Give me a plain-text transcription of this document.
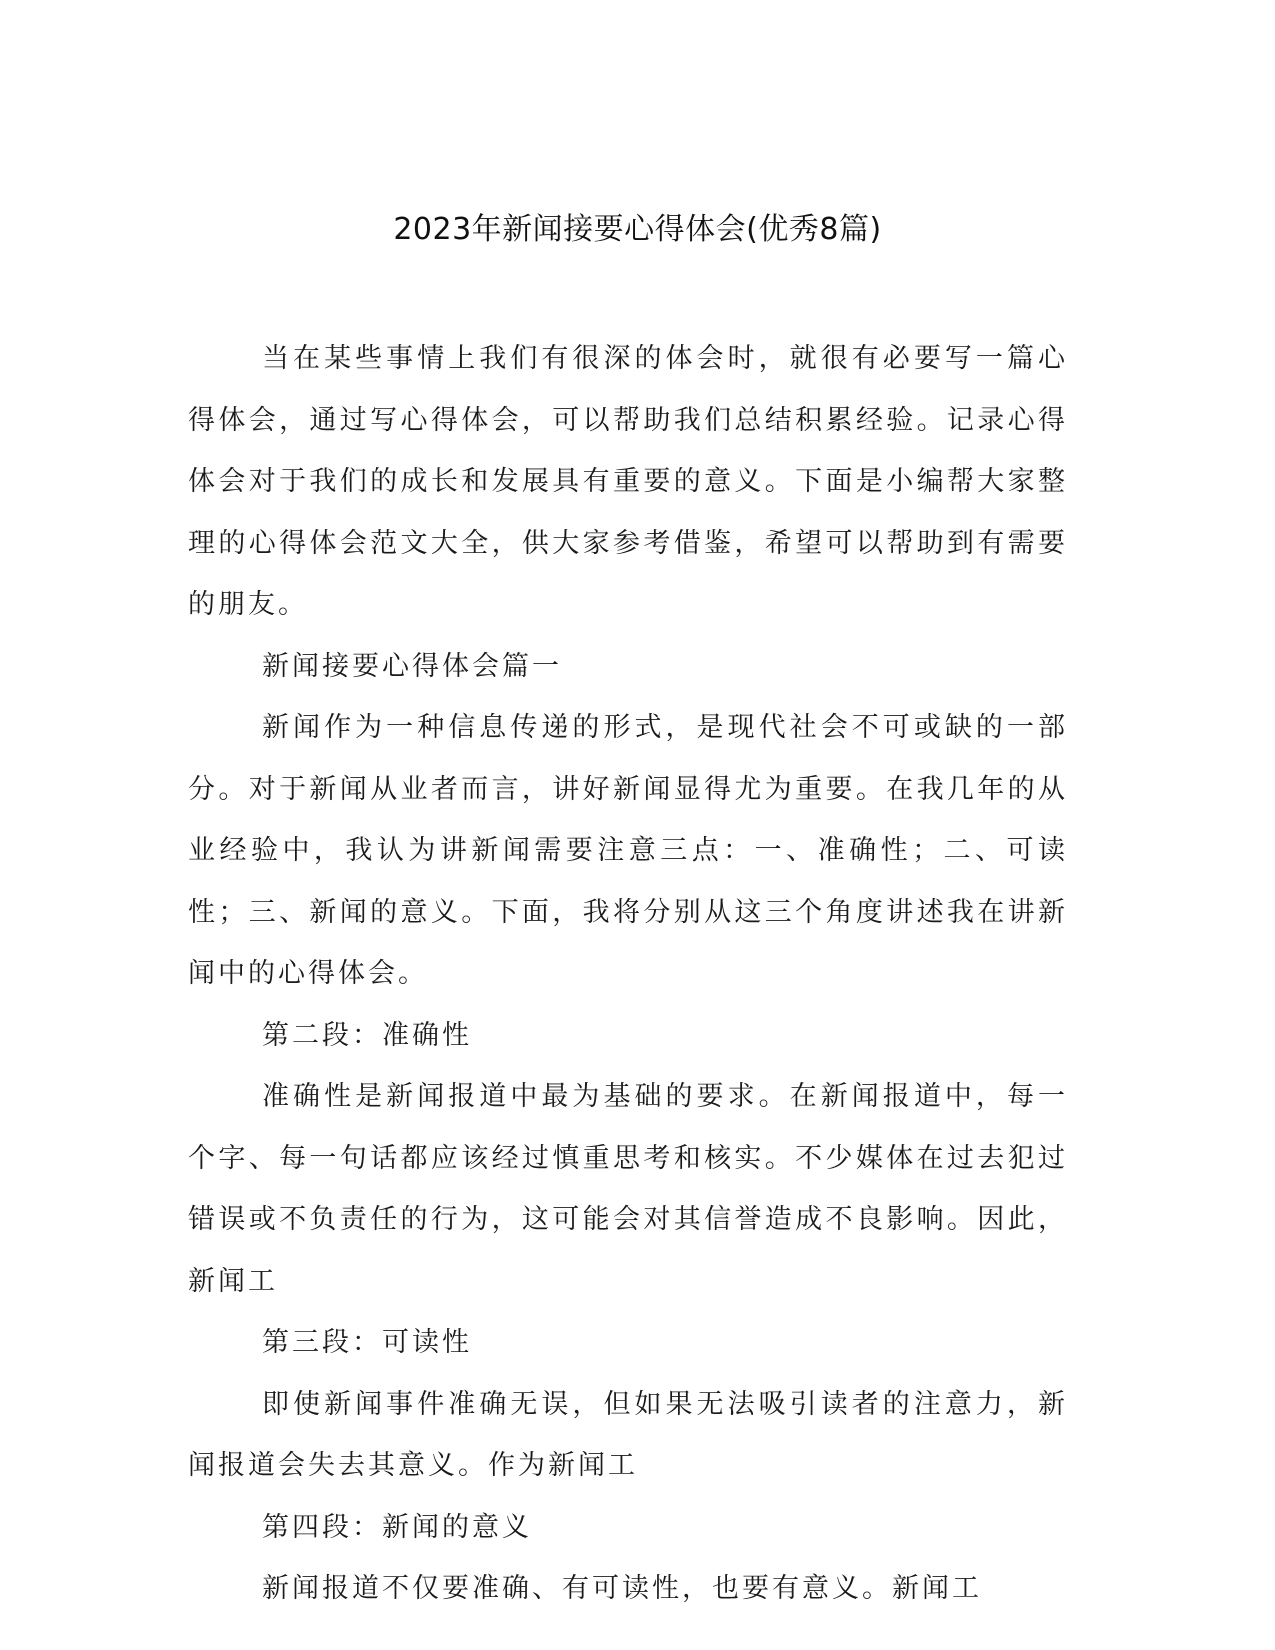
2023年新闻接要心得体会(优秀8篇)

当在某些事情上我们有很深的体会时，就很有必要写一篇心得体会，通过写心得体会，可以帮助我们总结积累经验。记录心得体会对于我们的成长和发展具有重要的意义。下面是小编帮大家整理的心得体会范文大全，供大家参考借鉴，希望可以帮助到有需要的朋友。

新闻接要心得体会篇一

新闻作为一种信息传递的形式，是现代社会不可或缺的一部分。对于新闻从业者而言，讲好新闻显得尤为重要。在我几年的从业经验中，我认为讲新闻需要注意三点：一、准确性；二、可读性；三、新闻的意义。下面，我将分别从这三个角度讲述我在讲新闻中的心得体会。

第二段：准确性

准确性是新闻报道中最为基础的要求。在新闻报道中，每一个字、每一句话都应该经过慎重思考和核实。不少媒体在过去犯过错误或不负责任的行为，这可能会对其信誉造成不良影响。因此，新闻工

第三段：可读性

即使新闻事件准确无误，但如果无法吸引读者的注意力，新闻报道会失去其意义。作为新闻工

第四段：新闻的意义

新闻报道不仅要准确、有可读性，也要有意义。新闻工
